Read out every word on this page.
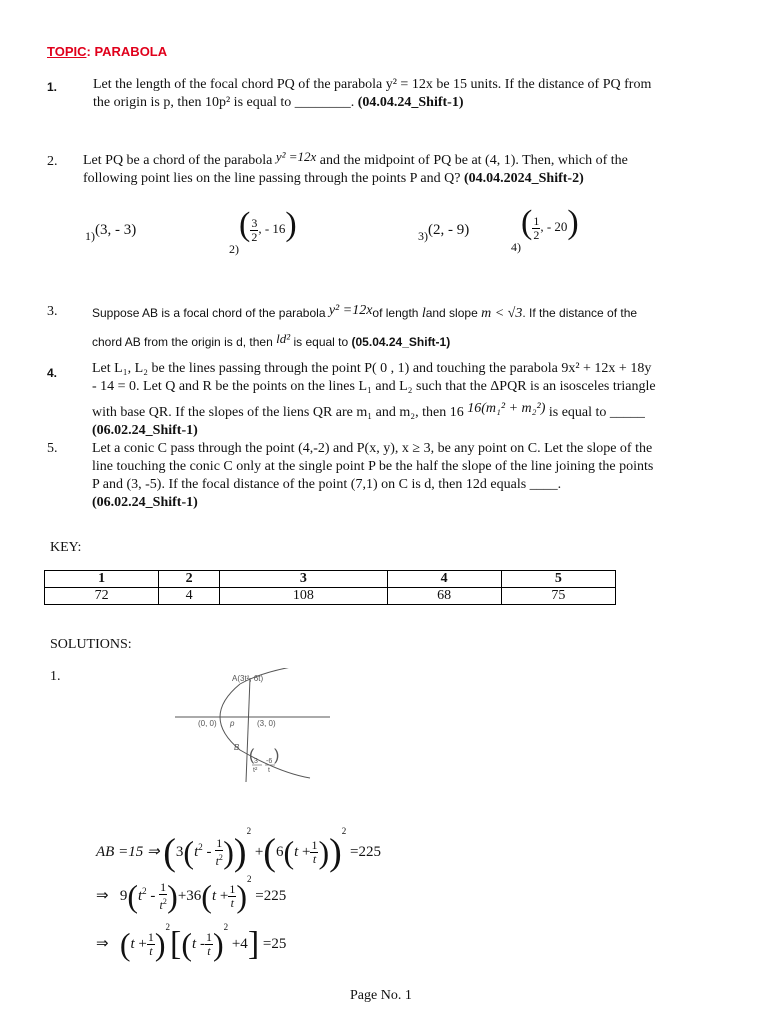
TOPIC: PARABOLA
1.	Let the length of the focal chord PQ of the parabola y² = 12x be 15 units. If the distance of PQ from
the origin is p, then 10p² is equal to ________. (04.04.24_Shift-1)
2. Let PQ be a chord of the parabola y² =12x and the midpoint of PQ be at (4, 1). Then, which of the
following point lies on the line passing through the points P and Q? (04.04.2024_Shift-2)
1)(3, - 3)
$2)( \frac{3}{2}$ , - 16)	3)(2, - 9)
$4)( \frac{1}{2}$ , - 20)
3.	Suppose AB is a focal chord of the parabola y² =12xof length land slope m < √3. If the distance of the
chord AB from the origin is d, then ld² is equal to (05.04.24_Shift-1)
4. Let L₁, L₂ be the lines passing through the point P( 0 , 1) and touching the parabola 9x² + 12x + 18y
- 14 = 0. Let Q and R be the points on the lines L₁ and L₂ such that the ΔPQR is an isosceles triangle
with base QR. If the slopes of the liens QR are m₁ and m₂, then 16 16(m₁² + m₂²) is equal to _____
(06.02.24_Shift-1)
5. Let a conic C pass through the point (4,-2) and P(x, y), x ≥ 3, be any point on C. Let the slope of the
line touching the conic C only at the single point P be the half the slope of the line joining the points
P and (3, -5). If the focal distance of the point (7,1) on C is d, then 12d equals ____.
(06.02.24_Shift-1)
KEY:
1	2	3	4	5
72	4	108	68	75
SOLUTIONS:
1.	A(3t², 6t)
(0, 0) p	(3, 0)
B
3
t²
-6
t
( )
AB =15 ⇒ $(3(t^2 - \frac{1}{t^2} ))^2 +(6(t + \frac{1}{t} ))^2 =225$
⇒   $9(t^2 - \frac{1}{t^2} )+36(t + \frac{1}{t} )^2 =225$
⇒ $(t + \frac{1}{t} )^2[(t - \frac{1}{t} )^2 +4] =25$
Page No. 1
